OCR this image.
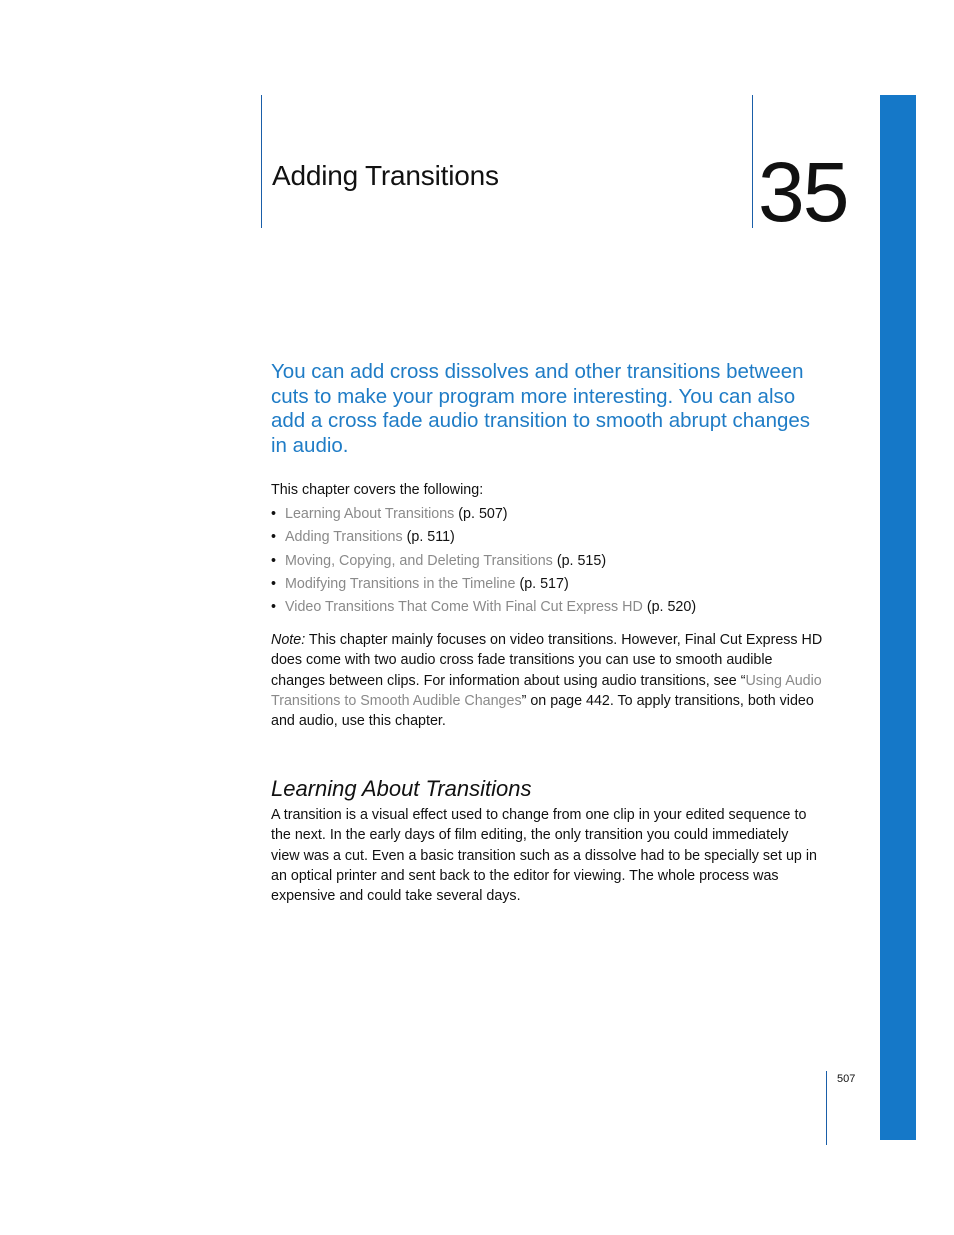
Adding Transitions	35

You can add cross dissolves and other transitions between cuts to make your program more interesting. You can also add a cross fade audio transition to smooth abrupt changes in audio.

This chapter covers the following:

• Learning About Transitions (p. 507)
• Adding Transitions (p. 511)
• Moving, Copying, and Deleting Transitions (p. 515)
• Modifying Transitions in the Timeline (p. 517)
• Video Transitions That Come With Final Cut Express HD (p. 520)

Note: This chapter mainly focuses on video transitions. However, Final Cut Express HD does come with two audio cross fade transitions you can use to smooth audible changes between clips. For information about using audio transitions, see “Using Audio Transitions to Smooth Audible Changes” on page 442. To apply transitions, both video and audio, use this chapter.

Learning About Transitions

A transition is a visual effect used to change from one clip in your edited sequence to the next. In the early days of film editing, the only transition you could immediately view was a cut. Even a basic transition such as a dissolve had to be specially set up in an optical printer and sent back to the editor for viewing. The whole process was expensive and could take several days.

507
